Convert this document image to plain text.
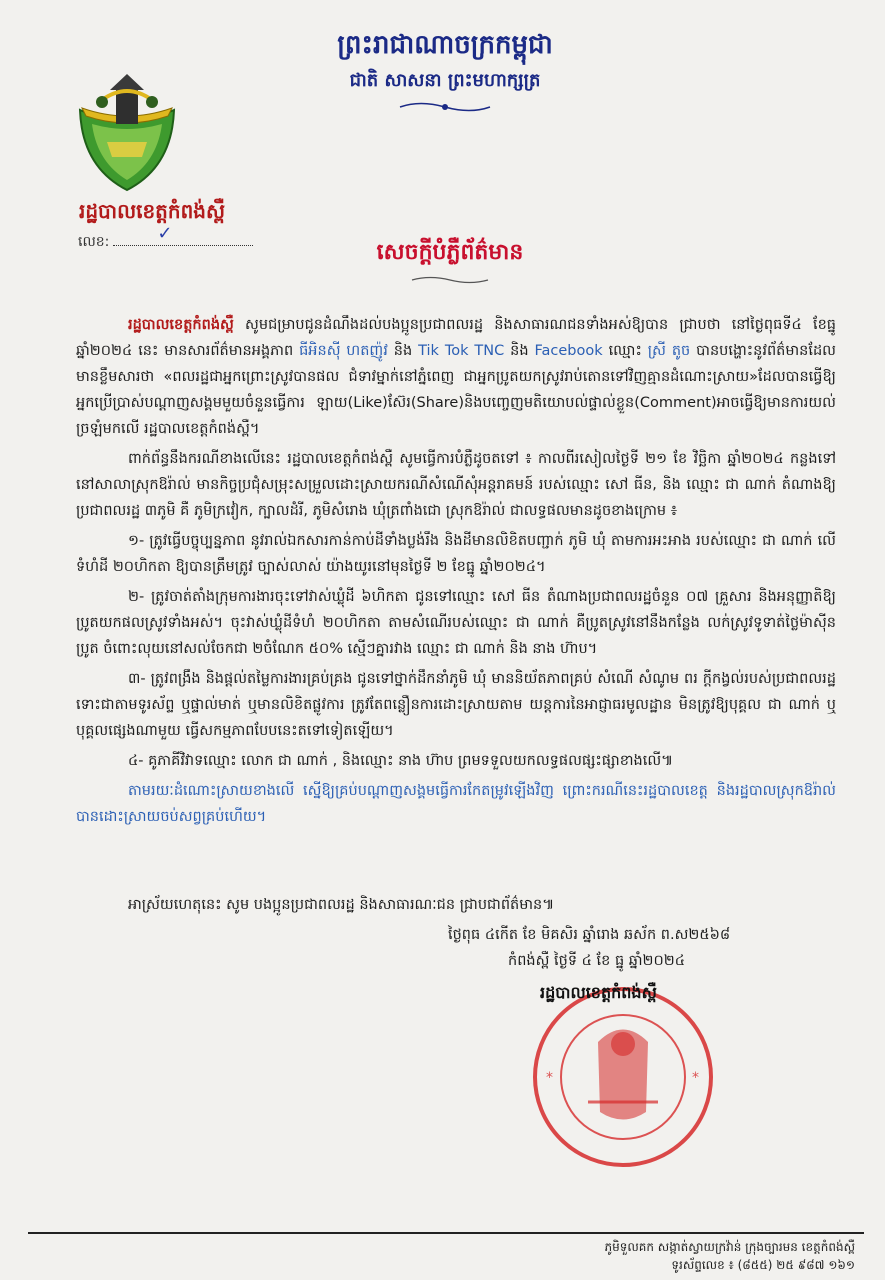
ព្រះរាជាណាចក្រកម្ពុជា
ជាតិ សាសនា ព្រះមហាក្សត្រ
រដ្ឋបាលខេត្តកំពង់ស្ពឺ
លេខ:	✓
សេចក្តីបំភ្លឺព័ត៌មាន

រដ្ឋបាលខេត្តកំពង់ស្ពឺ សូមជម្រាបជូនដំណឹងដល់បងប្អូនប្រជាពលរដ្ឋ និងសាធារណជនទាំងអស់ឱ្យបាន ជ្រាបថា នៅថ្ងៃពុធទី៤ ខែធ្នូ ឆ្នាំ២០២៤ នេះ មានសារព័ត៌មានអង្គភាព ធីអិនស៊ី ហតញ៉ូវ និង Tik Tok TNC និង Facebook ឈ្មោះ ស្រី តូច បានបង្ហោះនូវព័ត៌មានដែលមានខ្លឹមសារថា «ពលរដ្ឋជាអ្នកព្រោះស្រូវបានផល ជំទាវម្នាក់នៅភ្នំពេញ ជាអ្នកប្រូតយកស្រូវរាប់តោនទៅវិញគ្មានដំណោះស្រាយ»ដែលបានធ្វើឱ្យអ្នកប្រើប្រាស់បណ្ដាញសង្គមមួយចំនួនធ្វើការ ឡាយ(Like)ស៊ែរ(Share)និងបញ្ចេញមតិយោបល់ផ្ទាល់ខ្លួន(Comment)អាចធ្វើឱ្យមានការយល់ច្រឡំមកលើ រដ្ឋបាលខេត្តកំពង់ស្ពឺ។

ពាក់ព័ន្ធនឹងករណីខាងលើនេះ រដ្ឋបាលខេត្តកំពង់ស្ពឺ សូមធ្វើការបំភ្លឺដូចតទៅ ៖ កាលពីរសៀលថ្ងៃទី ២១ ខែ វិច្ឆិកា ឆ្នាំ២០២៤ កន្លងទៅ នៅសាលាស្រុកឱរ៉ាល់ មានកិច្ចប្រជុំសម្រុះសម្រួលដោះស្រាយករណីសំណើសុំអន្តរាគមន៍ របស់ឈ្មោះ សៅ ធីន, និង ឈ្មោះ ជា ណាក់ តំណាងឱ្យប្រជាពលរដ្ឋ ៣ភូមិ គឺ ភូមិក្រវៀក, ក្បាលដំរី, ភូមិសំរោង ឃុំត្រពាំងជោ ស្រុកឱរ៉ាល់ ជាលទ្ធផលមានដូចខាងក្រោម ៖

១- ត្រូវធ្វើបច្ចុប្បន្នភាព នូវរាល់ឯកសារកាន់កាប់ដីទាំងប្លង់រឹង និងដីមានលិខិតបញ្ជាក់ ភូមិ ឃុំ តាមការអះអាង របស់ឈ្មោះ ជា ណាក់ លើទំហំដី ២០ហិកតា ឱ្យបានត្រឹមត្រូវ ច្បាស់លាស់ យ៉ាងយូរនៅមុនថ្ងៃទី ២ ខែធ្នូ ឆ្នាំ២០២៤។

២- ត្រូវចាត់តាំងក្រុមការងារចុះទៅវាស់ឃ្លុំដី ៦ហិកតា ជូនទៅឈ្មោះ សៅ ធីន តំណាងប្រជាពលរដ្ឋចំនួន ០៧ គ្រួសារ និងអនុញ្ញាតិឱ្យប្រូតយកផលស្រូវទាំងអស់។ ចុះវាស់ឃ្លុំដីទំហំ ២០ហិកតា តាមសំណើរបស់ឈ្មោះ ជា ណាក់ គឺប្រូតស្រូវនៅនឹងកន្លែង លក់ស្រូវទូទាត់ថ្លៃម៉ាស៊ីនប្រូត ចំពោះលុយនៅសល់ចែកជា ២ចំណែក ៥០% ស្មើៗគ្នារវាង ឈ្មោះ ជា ណាក់ និង នាង ហ៊ាប។

៣- ត្រូវពង្រឹង និងផ្ដល់តម្លៃការងារគ្រប់គ្រង ជូនទៅថ្នាក់ដឹកនាំភូមិ ឃុំ មាននិយ័តភាពគ្រប់ សំណើ សំណូម ពរ ក្ដីកង្វល់របស់ប្រជាពលរដ្ឋ ទោះជាតាមទូរស័ព្ទ ឬផ្ទាល់មាត់ ឬមានលិខិតផ្លូវការ ត្រូវតែពន្លឿនការដោះស្រាយតាម យន្តការនៃអាជ្ញាធរមូលដ្ឋាន មិនត្រូវឱ្យបុគ្គល ជា ណាក់ ឬ បុគ្គលផ្សេងណាមួយ ធ្វើសកម្មភាពបែបនេះតទៅទៀតឡើយ។

៤- គូភាគីវិវាទឈ្មោះ លោក ជា ណាក់ , និងឈ្មោះ នាង ហ៊ាប ព្រមទទួលយកលទ្ធផលផ្សះផ្សាខាងលើ៕

តាមរយៈដំណោះស្រាយខាងលើ ស្នើឱ្យគ្រប់បណ្ដាញសង្គមធ្វើការកែតម្រូវឡើងវិញ ព្រោះករណីនេះរដ្ឋបាលខេត្ត និងរដ្ឋបាលស្រុកឱរ៉ាល់ បានដោះស្រាយចប់សព្វគ្រប់ហើយ។

អាស្រ័យហេតុនេះ សូម បងប្អូនប្រជាពលរដ្ឋ និងសាធារណៈជន ជ្រាបជាព័ត៌មាន៕
ថ្ងៃពុធ ៤កើត ខែ មិគសិរ ឆ្នាំរោង ឆស័ក ព.ស២៥៦៨
កំពង់ស្ពឺ ថ្ងៃទី ៤ ខែ ធ្នូ ឆ្នាំ២០២៤
*	*
រដ្ឋបាលខេត្តកំពង់ស្ពឺ
ភូមិទួលគក សង្កាត់ស្វាយក្រវ៉ាន់ ក្រុងច្បារមន ខេត្តកំពង់ស្ពឺ
ទូរស័ព្ទលេខ ៖ (៨៥៥) ២៥ ៩៨៧ ១៦១
